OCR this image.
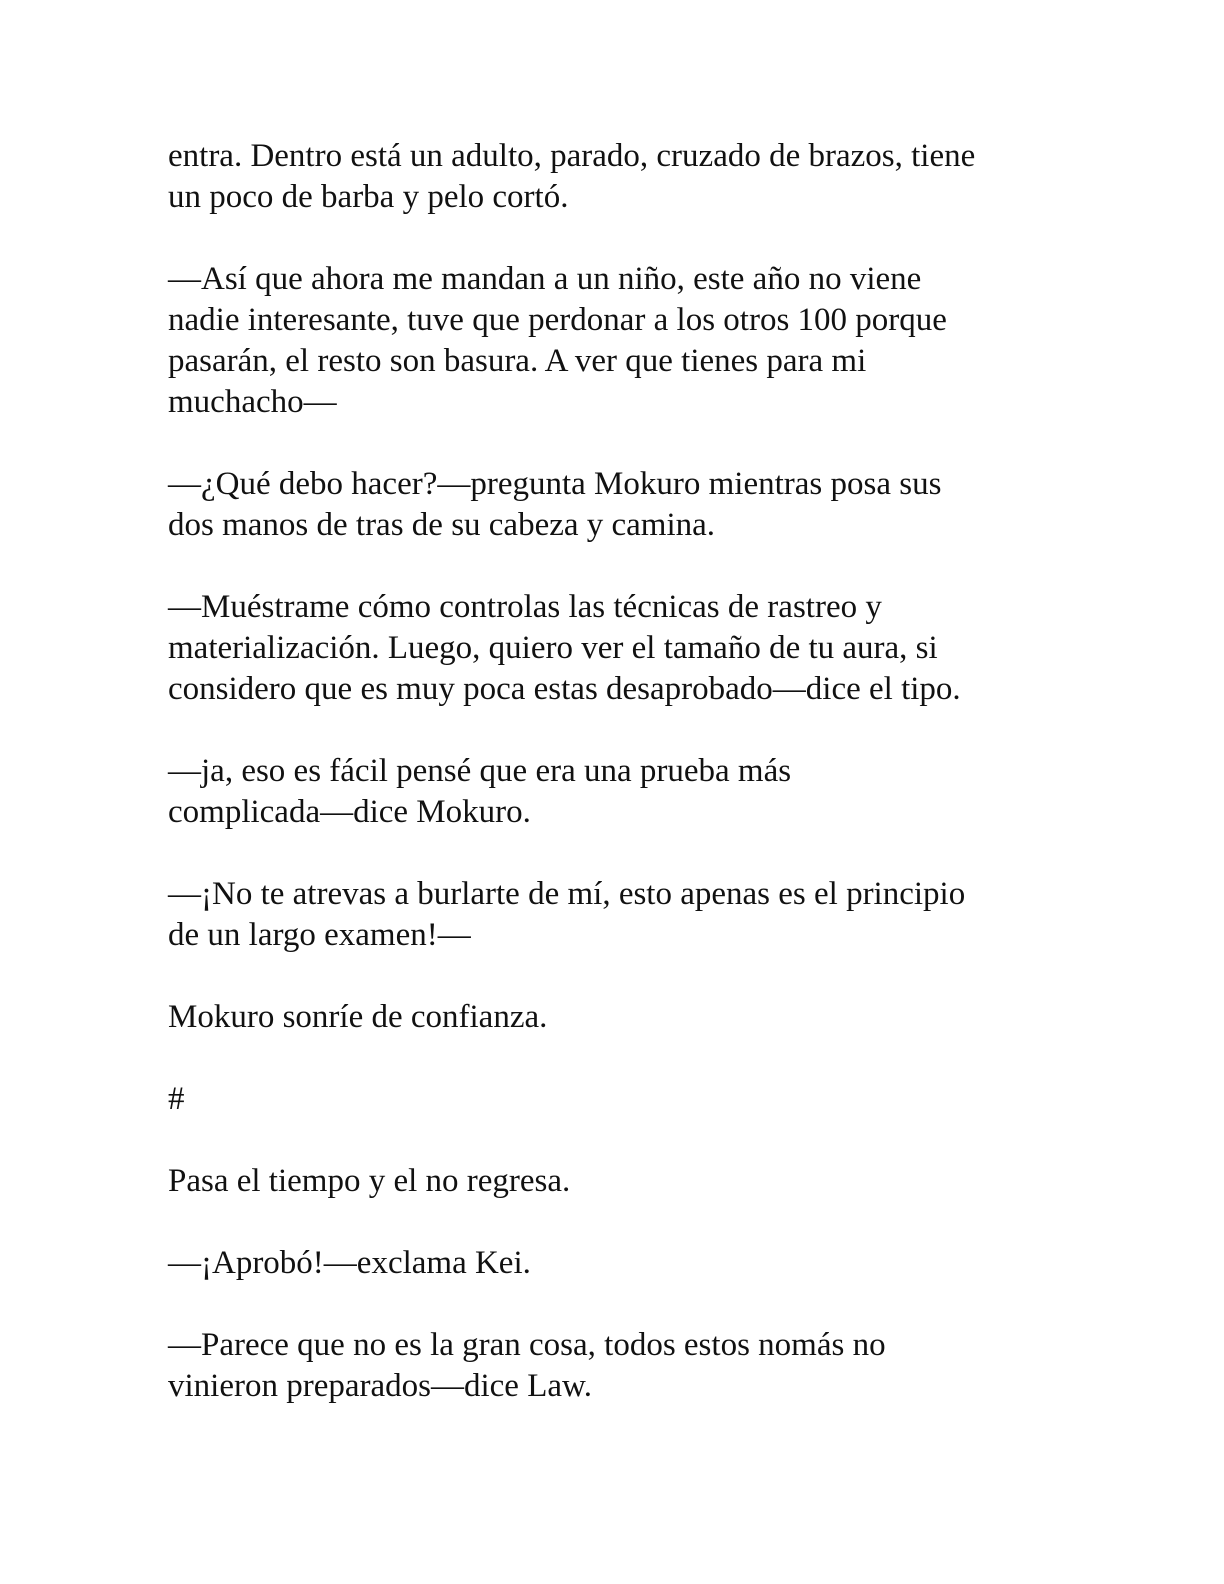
entra. Dentro está un adulto, parado, cruzado de brazos, tiene
un poco de barba y pelo cortó.

—Así que ahora me mandan a un niño, este año no viene
nadie interesante, tuve que perdonar a los otros 100 porque
pasarán, el resto son basura. A ver que tienes para mi
muchacho—

—¿Qué debo hacer?—pregunta Mokuro mientras posa sus
dos manos de tras de su cabeza y camina.

—Muéstrame cómo controlas las técnicas de rastreo y
materialización. Luego, quiero ver el tamaño de tu aura, si
considero que es muy poca estas desaprobado—dice el tipo.

—ja, eso es fácil pensé que era una prueba más
complicada—dice Mokuro.

—¡No te atrevas a burlarte de mí, esto apenas es el principio
de un largo examen!—

Mokuro sonríe de confianza.

#

Pasa el tiempo y el no regresa.

—¡Aprobó!—exclama Kei.

—Parece que no es la gran cosa, todos estos nomás no
vinieron preparados—dice Law.
